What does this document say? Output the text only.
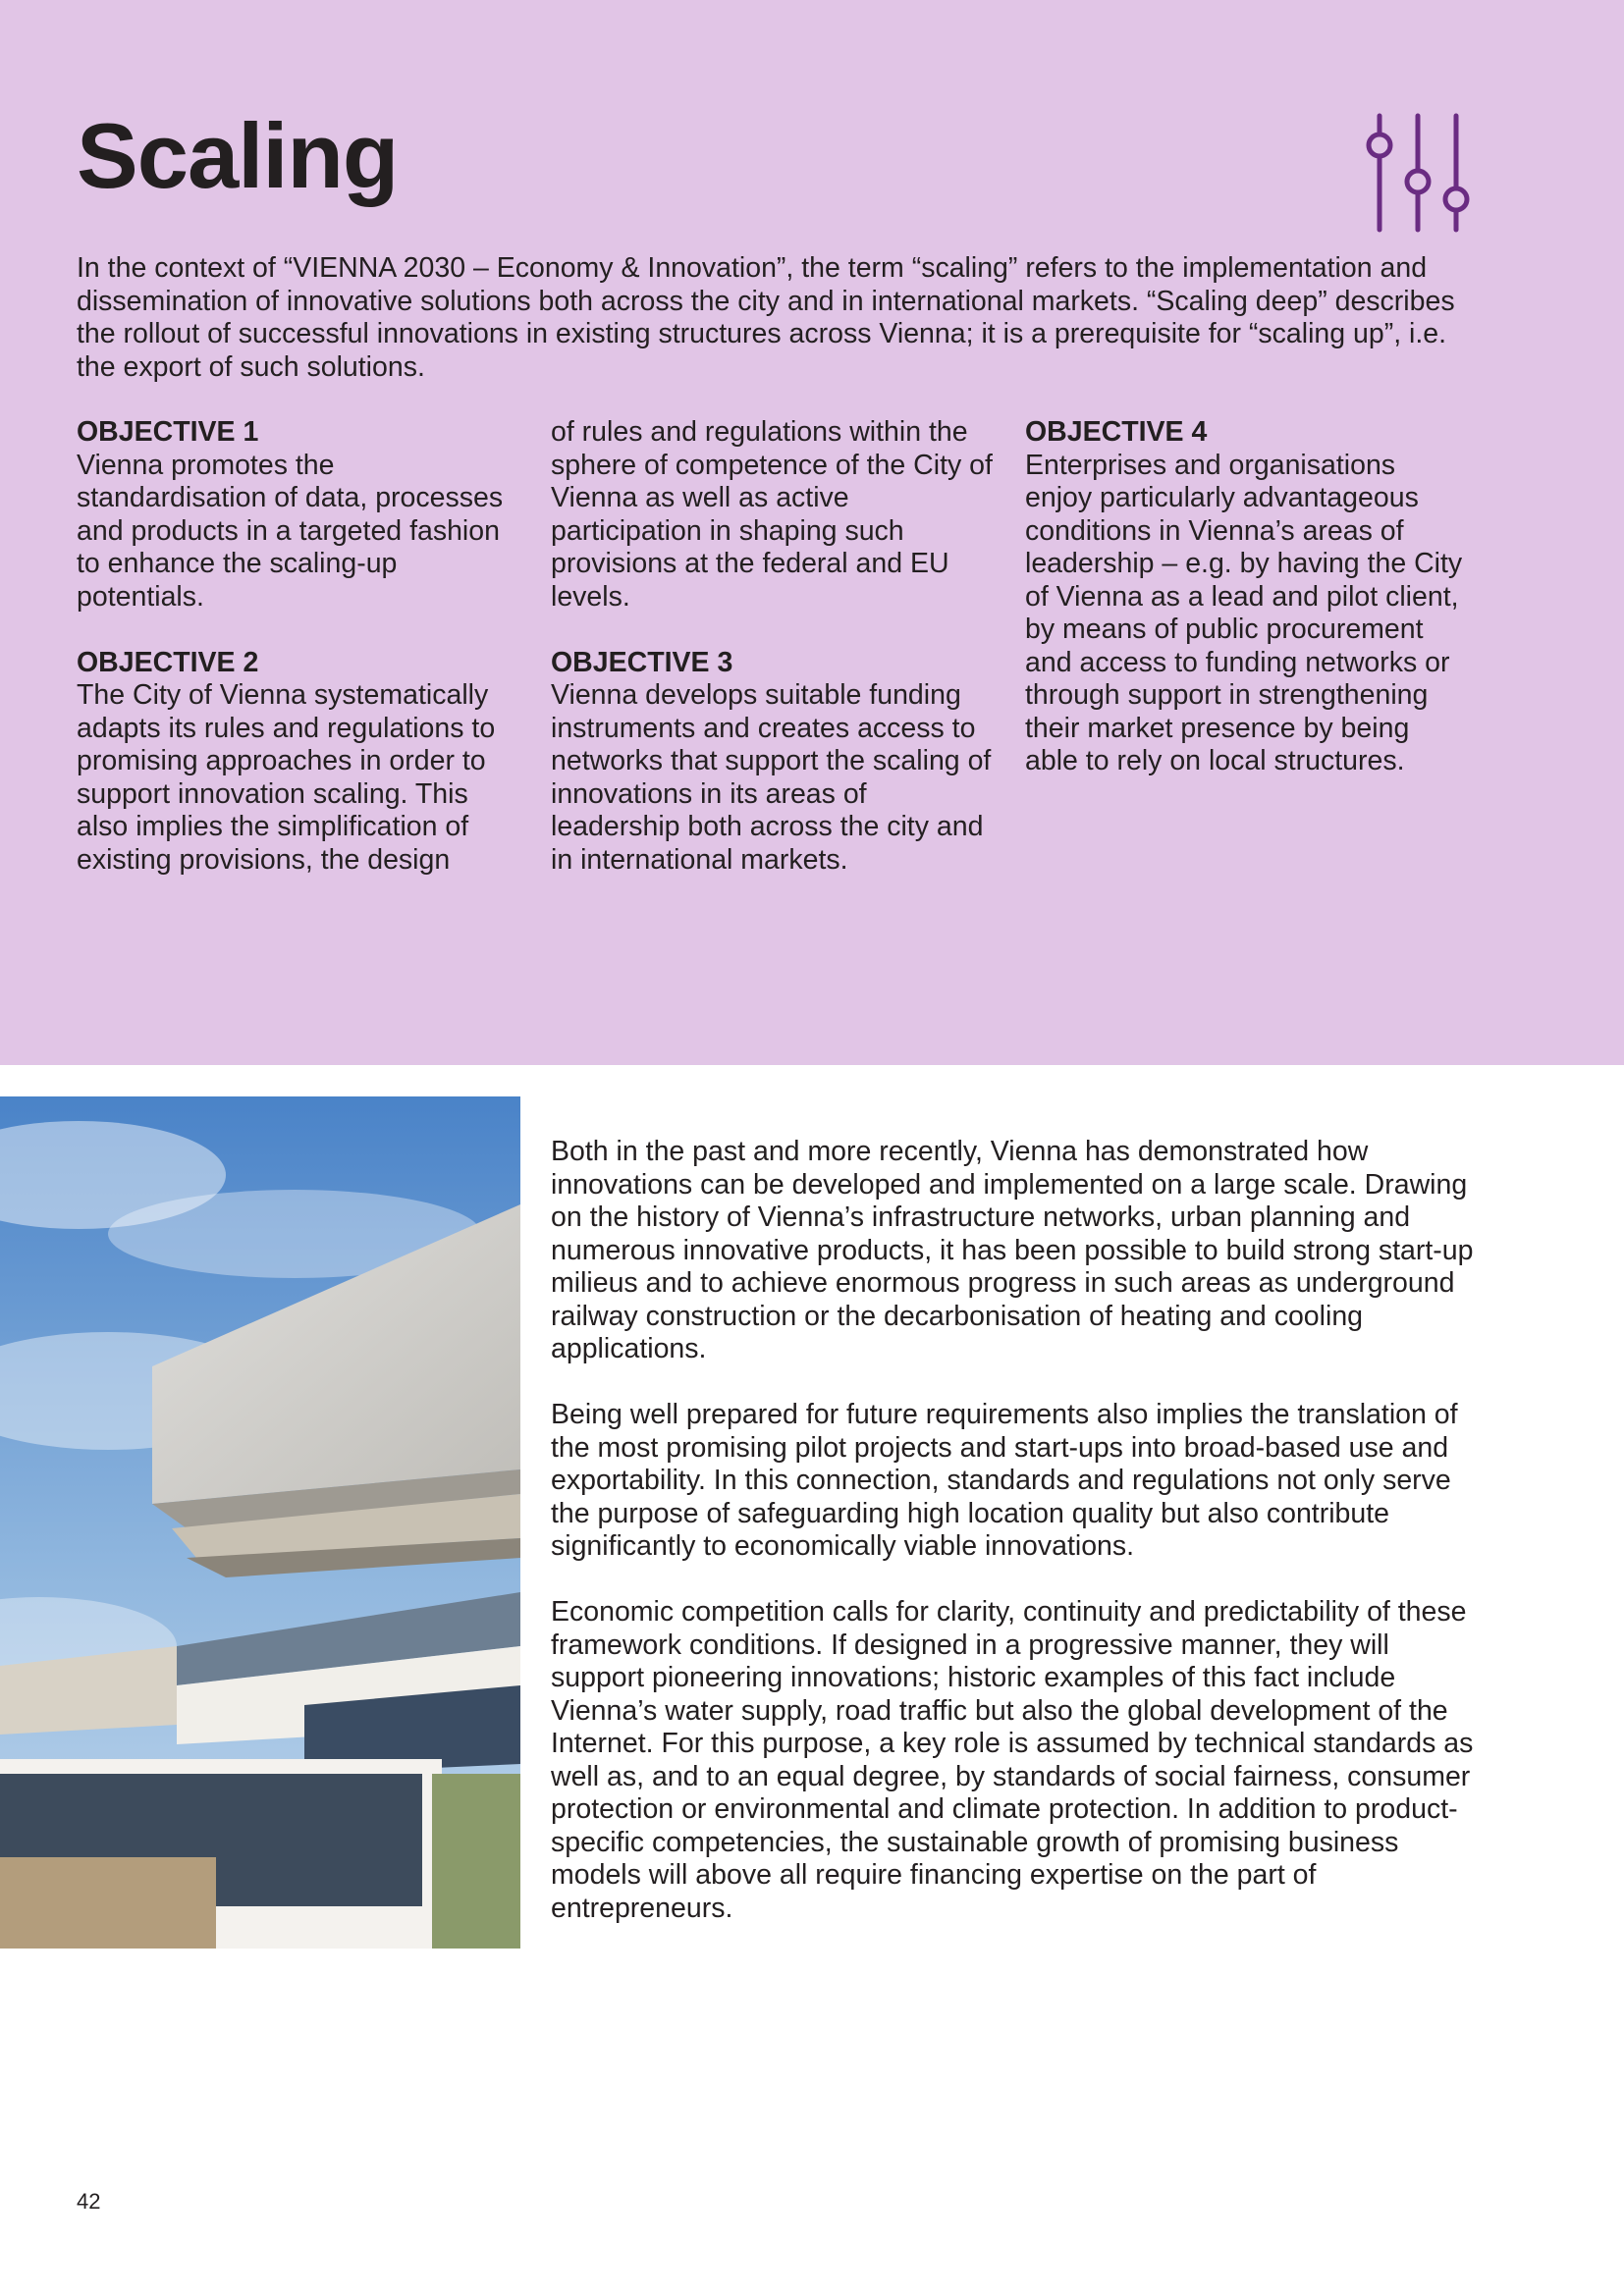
Scaling

In the context of “VIENNA 2030 – Economy & Innovation”, the term “scaling” refers to the implementation and dissemination of innovative solutions both across the city and in international markets. “Scaling deep” describes the rollout of successful innovations in existing structures across Vienna; it is a prerequisite for “scaling up”, i.e. the export of such solutions.

OBJECTIVE 1

Vienna promotes the standardisation of data, processes and products in a targeted fashion to enhance the scaling-up potentials.

OBJECTIVE 2

The City of Vienna systematically adapts its rules and regulations to promising approaches in order to support innovation scaling. This also implies the simplification of existing provisions, the design

of rules and regulations within the sphere of competence of the City of Vienna as well as active participation in shaping such provisions at the federal and EU levels.

OBJECTIVE 3

Vienna develops suitable funding instruments and creates access to networks that support the scaling of innovations in its areas of leadership both across the city and in international markets.

OBJECTIVE 4

Enterprises and organisations enjoy particularly advantageous conditions in Vienna’s areas of leadership – e.g. by having the City of Vienna as a lead and pilot client, by means of public procurement and access to funding networks or through support in strengthening their market presence by being able to rely on local structures.

Both in the past and more recently, Vienna has demonstrated how innovations can be developed and implemented on a large scale. Drawing on the history of Vienna’s infrastructure networks, urban planning and numerous innovative products, it has been possible to build strong start-up milieus and to achieve enormous progress in such areas as underground railway construction or the decarbonisation of heating and cooling applications.

Being well prepared for future requirements also implies the translation of the most promising pilot projects and start-ups into broad-based use and exportability. In this connection, standards and regulations not only serve the purpose of safeguarding high location quality but also contribute significantly to economically viable innovations.

Economic competition calls for clarity, continuity and predictability of these framework conditions. If designed in a progressive manner, they will support pioneering innovations; historic examples of this fact include Vienna’s water supply, road traffic but also the global development of the Internet. For this purpose, a key role is assumed by technical standards as well as, and to an equal degree, by standards of social fairness, consumer protection or environmental and climate protection. In addition to product-specific competencies, the sustainable growth of promising business models will above all require financing expertise on the part of entrepreneurs.

42
